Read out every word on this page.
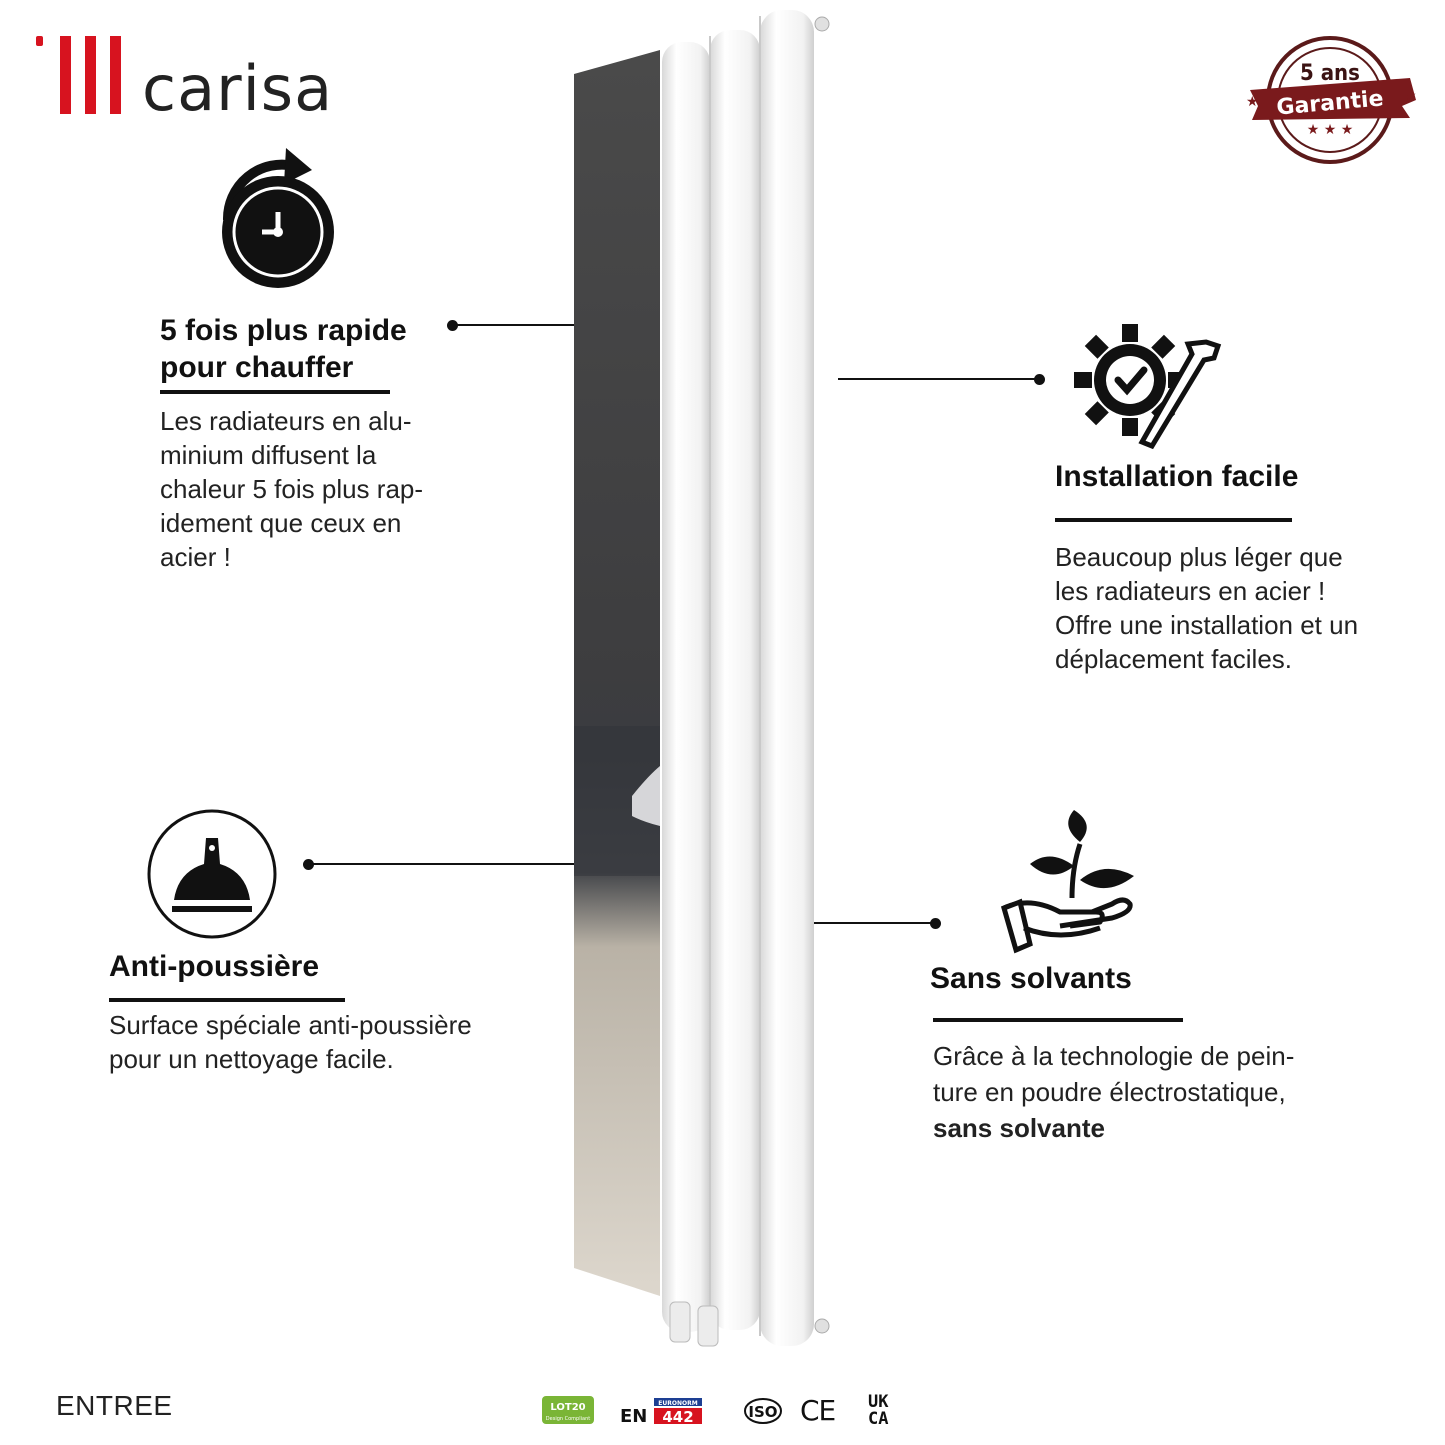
carisa	5 ans
Garantie
★ ★ ★
★	★
5 fois plus rapide
pour chauffer
Les radiateurs en alu-
minium diffusent la
chaleur 5 fois plus rap-
idement que ceux en
acier !
Installation facile
Beaucoup plus léger que
les radiateurs en acier !
Offre une installation et un
déplacement faciles.
Anti-poussière
Surface spéciale anti-poussière
pour un nettoyage facile.
Sans solvants
Grâce à la technologie de pein-
ture en poudre électrostatique,
sans solvante
ENTREE	LOT20
Design Compliant EN
EURONORM
442	ISO CE UK
CA
